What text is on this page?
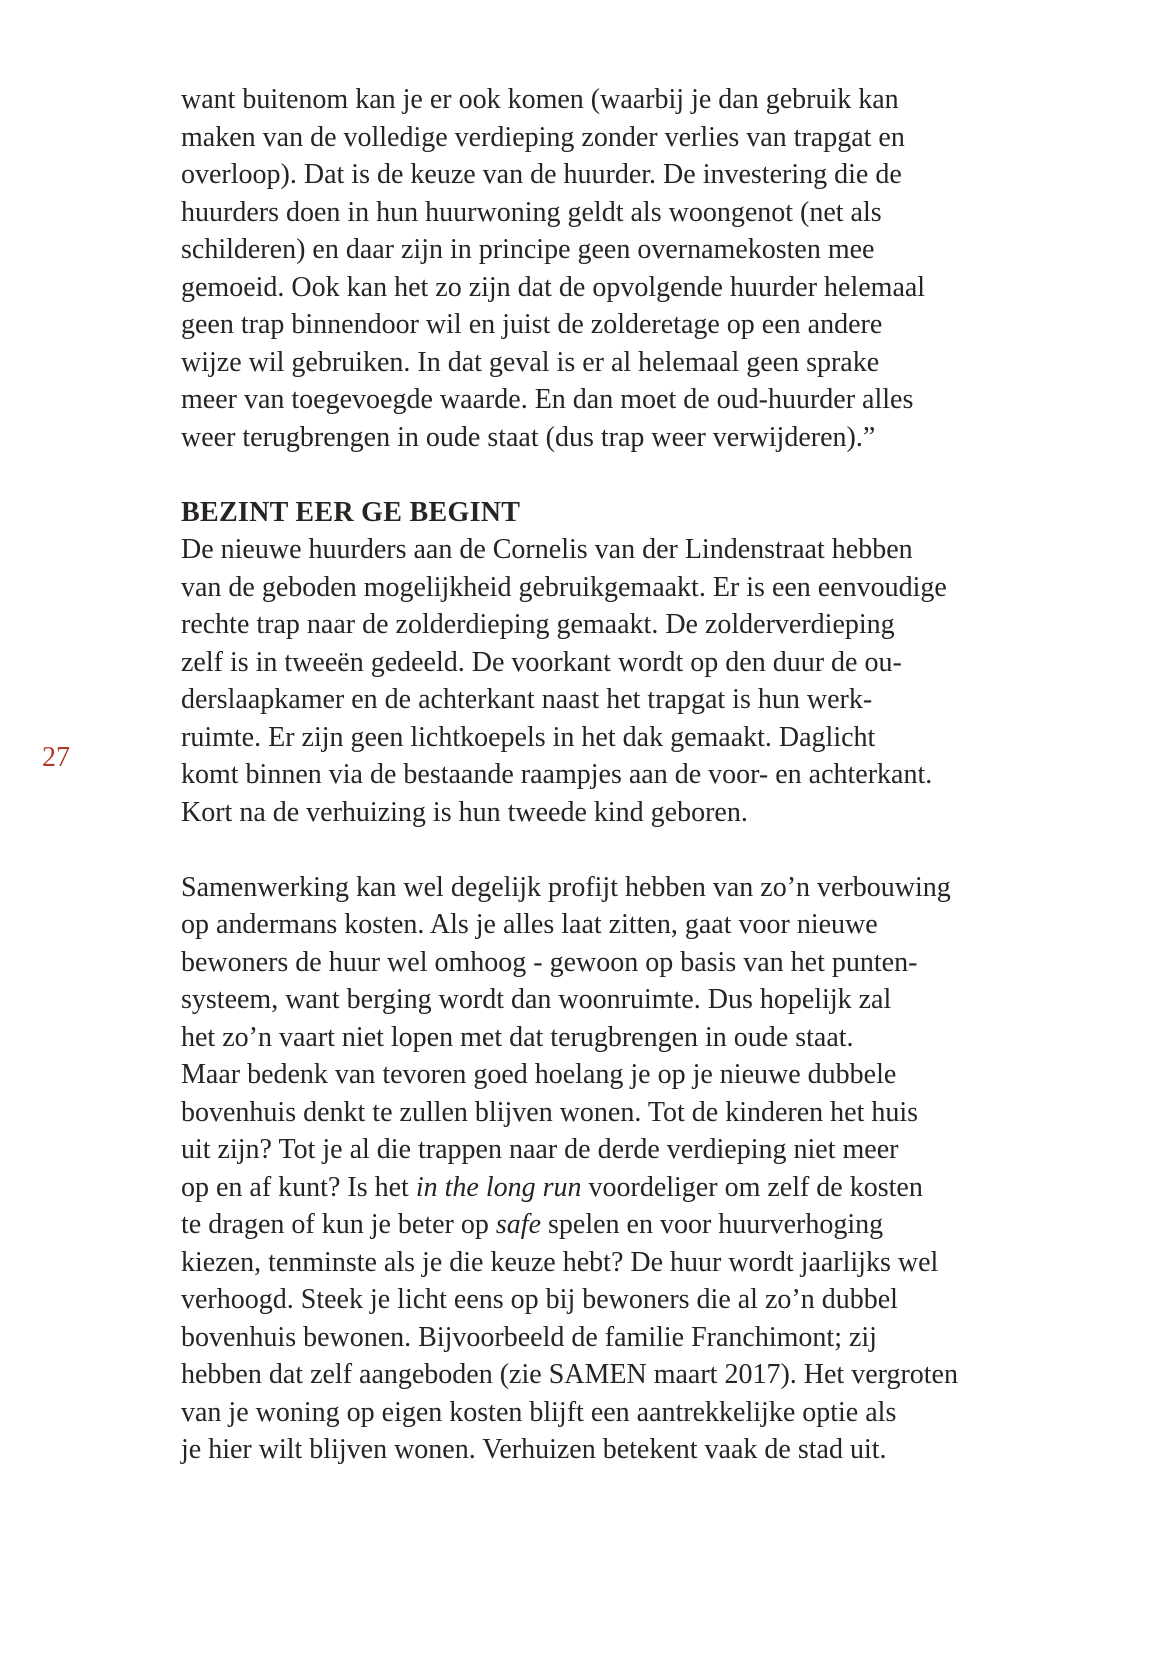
27
want buitenom kan je er ook komen (waarbij je dan gebruik kan
maken van de volledige verdieping zonder verlies van trapgat en
overloop). Dat is de keuze van de huurder. De investering die de
huurders doen in hun huurwoning geldt als woongenot (net als
schilderen) en daar zijn in principe geen overnamekosten mee
gemoeid. Ook kan het zo zijn dat de opvolgende huurder helemaal
geen trap binnendoor wil en juist de zolderetage op een andere
wijze wil gebruiken. In dat geval is er al helemaal geen sprake
meer van toegevoegde waarde. En dan moet de oud-huurder alles
weer terugbrengen in oude staat (dus trap weer verwijderen).”
BEZINT EER GE BEGINT
De nieuwe huurders aan de Cornelis van der Lindenstraat hebben
van de geboden mogelijkheid gebruikgemaakt. Er is een eenvoudige
rechte trap naar de zolderdieping gemaakt. De zolderverdieping
zelf is in tweeën gedeeld. De voorkant wordt op den duur de ou-
derslaapkamer en de achterkant naast het trapgat is hun werk-
ruimte. Er zijn geen lichtkoepels in het dak gemaakt. Daglicht
komt binnen via de bestaande raampjes aan de voor- en achterkant.
Kort na de verhuizing is hun tweede kind geboren.
Samenwerking kan wel degelijk profijt hebben van zo’n verbouwing
op andermans kosten. Als je alles laat zitten, gaat voor nieuwe
bewoners de huur wel omhoog - gewoon op basis van het punten-
systeem, want berging wordt dan woonruimte. Dus hopelijk zal
het zo’n vaart niet lopen met dat terugbrengen in oude staat.
Maar bedenk van tevoren goed hoelang je op je nieuwe dubbele
bovenhuis denkt te zullen blijven wonen. Tot de kinderen het huis
uit zijn? Tot je al die trappen naar de derde verdieping niet meer
op en af kunt? Is het in the long run voordeliger om zelf de kosten
te dragen of kun je beter op safe spelen en voor huurverhoging
kiezen, tenminste als je die keuze hebt? De huur wordt jaarlijks wel
verhoogd. Steek je licht eens op bij bewoners die al zo’n dubbel
bovenhuis bewonen. Bijvoorbeeld de familie Franchimont; zij
hebben dat zelf aangeboden (zie SAMEN maart 2017). Het vergroten
van je woning op eigen kosten blijft een aantrekkelijke optie als
je hier wilt blijven wonen. Verhuizen betekent vaak de stad uit.
